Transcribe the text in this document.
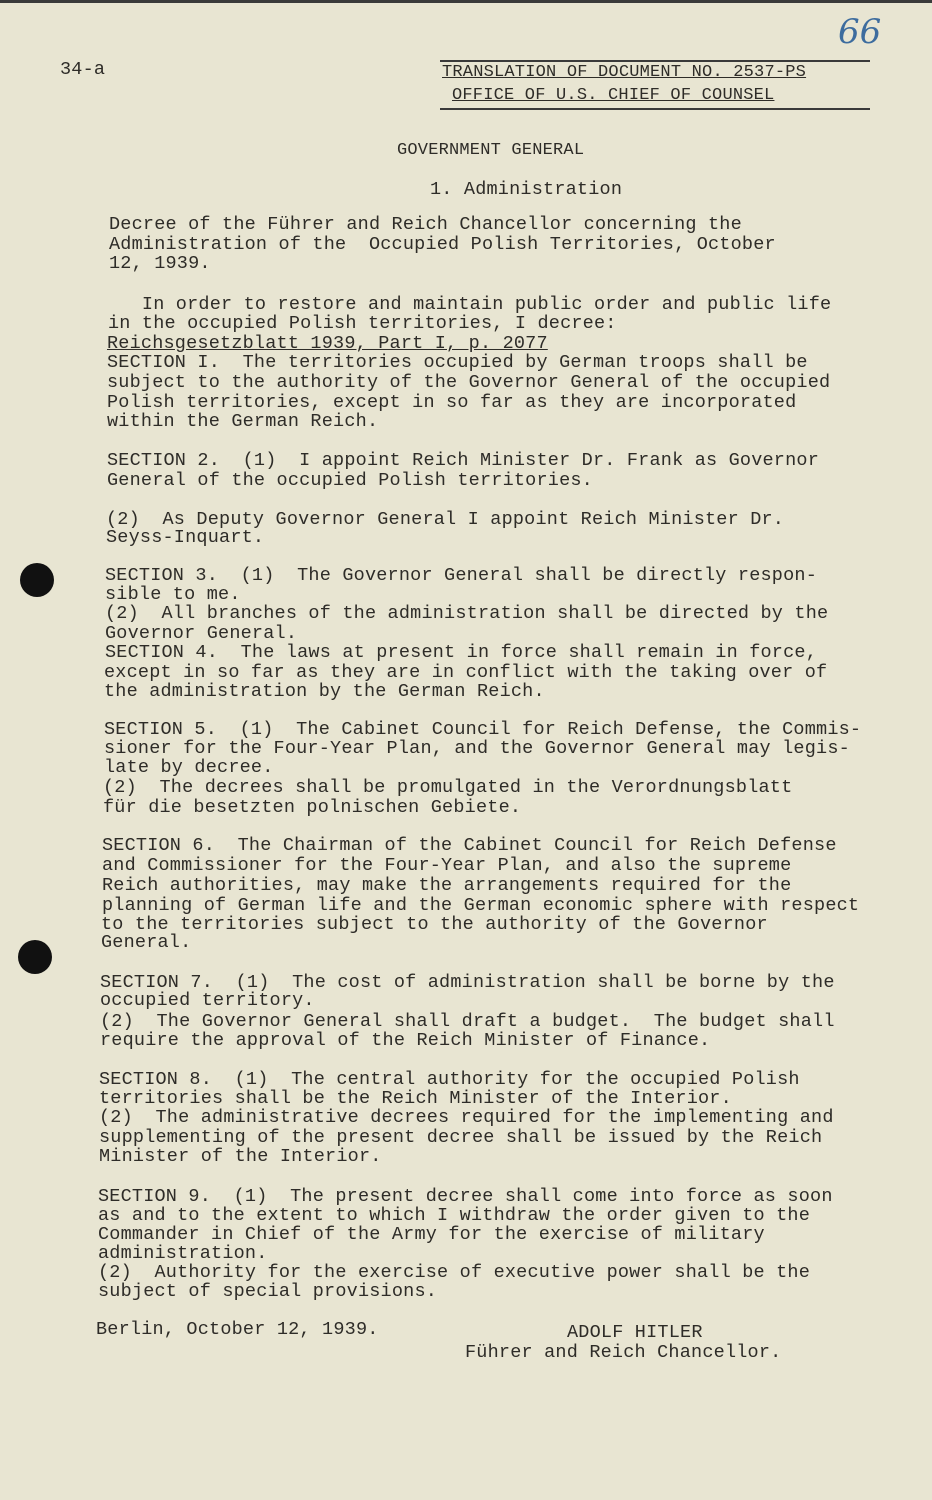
66
34-a	TRANSLATION OF DOCUMENT NO. 2537-PS
OFFICE OF U.S. CHIEF OF COUNSEL
GOVERNMENT GENERAL
1. Administration
Decree of the Führer and Reich Chancellor concerning the
Administration of the  Occupied Polish Territories, October
12, 1939.
In order to restore and maintain public order and public life
in the occupied Polish territories, I decree:
Reichsgesetzblatt 1939, Part I, p. 2077
SECTION I.  The territories occupied by German troops shall be
subject to the authority of the Governor General of the occupied
Polish territories, except in so far as they are incorporated
within the German Reich.
SECTION 2.  (1)  I appoint Reich Minister Dr. Frank as Governor
General of the occupied Polish territories.
(2)  As Deputy Governor General I appoint Reich Minister Dr.
Seyss-Inquart.
SECTION 3.  (1)  The Governor General shall be directly respon-
sible to me.
(2)  All branches of the administration shall be directed by the
Governor General.
SECTION 4.  The laws at present in force shall remain in force,
except in so far as they are in conflict with the taking over of
the administration by the German Reich.
SECTION 5.  (1)  The Cabinet Council for Reich Defense, the Commis-
sioner for the Four-Year Plan, and the Governor General may legis-
late by decree.
(2)  The decrees shall be promulgated in the Verordnungsblatt
für die besetzten polnischen Gebiete.
SECTION 6.  The Chairman of the Cabinet Council for Reich Defense
and Commissioner for the Four-Year Plan, and also the supreme
Reich authorities, may make the arrangements required for the
planning of German life and the German economic sphere with respect
to the territories subject to the authority of the Governor
General.
SECTION 7.  (1)  The cost of administration shall be borne by the
occupied territory.
(2)  The Governor General shall draft a budget.  The budget shall
require the approval of the Reich Minister of Finance.
SECTION 8.  (1)  The central authority for the occupied Polish
territories shall be the Reich Minister of the Interior.
(2)  The administrative decrees required for the implementing and
supplementing of the present decree shall be issued by the Reich
Minister of the Interior.
SECTION 9.  (1)  The present decree shall come into force as soon
as and to the extent to which I withdraw the order given to the
Commander in Chief of the Army for the exercise of military
administration.
(2)  Authority for the exercise of executive power shall be the
subject of special provisions.
Berlin, October 12, 1939.	ADOLF HITLER
Führer and Reich Chancellor.
